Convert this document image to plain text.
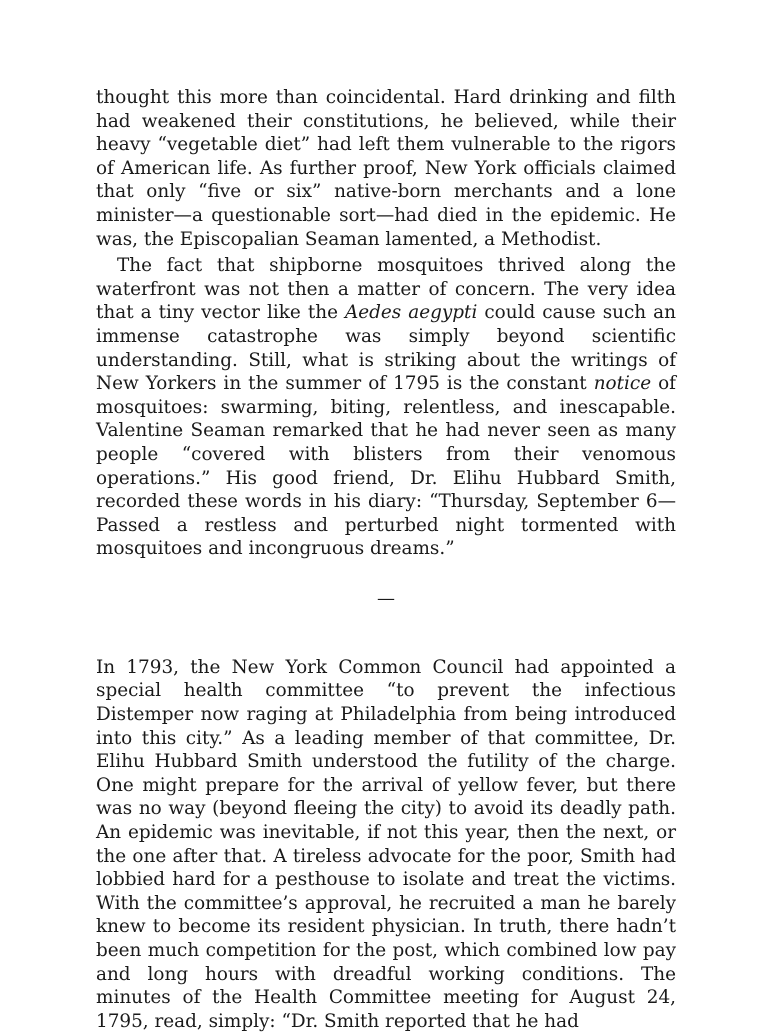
thought this more than coincidental. Hard drinking and filth had weakened their constitutions, he believed, while their heavy “vegetable diet” had left them vulnerable to the rigors of American life. As further proof, New York officials claimed that only “five or six” native-born merchants and a lone minister—a questionable sort—had died in the epidemic. He was, the Episcopalian Seaman lamented, a Methodist.

The fact that shipborne mosquitoes thrived along the waterfront was not then a matter of concern. The very idea that a tiny vector like the Aedes aegypti could cause such an immense catastrophe was simply beyond scientific understanding. Still, what is striking about the writings of New Yorkers in the summer of 1795 is the constant notice of mosquitoes: swarming, biting, relentless, and inescapable. Valentine Seaman remarked that he had never seen as many people “covered with blisters from their venomous operations.” His good friend, Dr. Elihu Hubbard Smith, recorded these words in his diary: “Thursday, September 6—Passed a restless and perturbed night tormented with mosquitoes and incongruous dreams.”

—

In 1793, the New York Common Council had appointed a special health committee “to prevent the infectious Distemper now raging at Philadelphia from being introduced into this city.” As a leading member of that committee, Dr. Elihu Hubbard Smith understood the futility of the charge. One might prepare for the arrival of yellow fever, but there was no way (beyond fleeing the city) to avoid its deadly path. An epidemic was inevitable, if not this year, then the next, or the one after that. A tireless advocate for the poor, Smith had lobbied hard for a pesthouse to isolate and treat the victims. With the committee’s approval, he recruited a man he barely knew to become its resident physician. In truth, there hadn’t been much competition for the post, which combined low pay and long hours with dreadful working conditions. The minutes of the Health Committee meeting for August 24, 1795, read, simply: “Dr. Smith reported that he had
